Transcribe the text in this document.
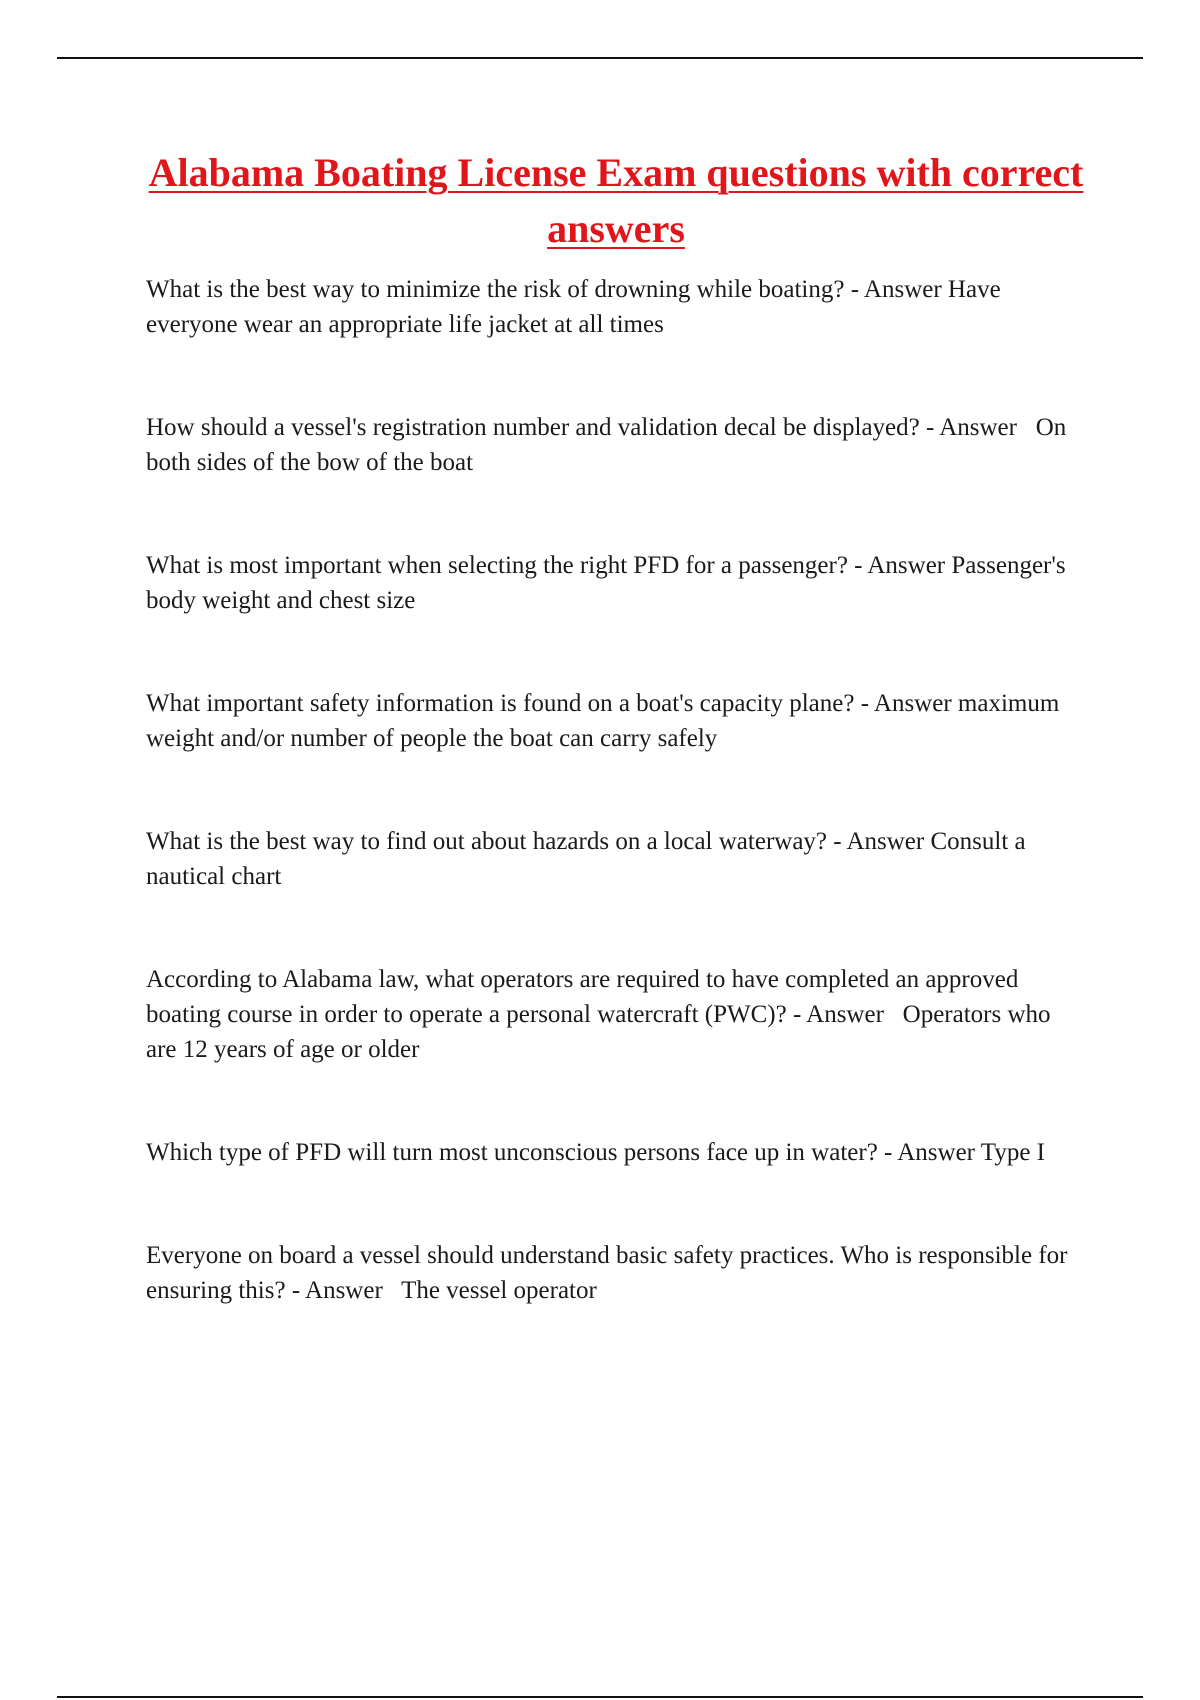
Alabama Boating License Exam questions with correct answers

What is the best way to minimize the risk of drowning while boating? - Answer Have everyone wear an appropriate life jacket at all times

How should a vessel's registration number and validation decal be displayed? - Answer   On both sides of the bow of the boat

What is most important when selecting the right PFD for a passenger? - Answer Passenger's body weight and chest size

What important safety information is found on a boat's capacity plane? - Answer maximum weight and/or number of people the boat can carry safely

What is the best way to find out about hazards on a local waterway? - Answer Consult a nautical chart

According to Alabama law, what operators are required to have completed an approved boating course in order to operate a personal watercraft (PWC)? - Answer   Operators who are 12 years of age or older

Which type of PFD will turn most unconscious persons face up in water? - Answer Type I

Everyone on board a vessel should understand basic safety practices. Who is responsible for ensuring this? - Answer   The vessel operator
